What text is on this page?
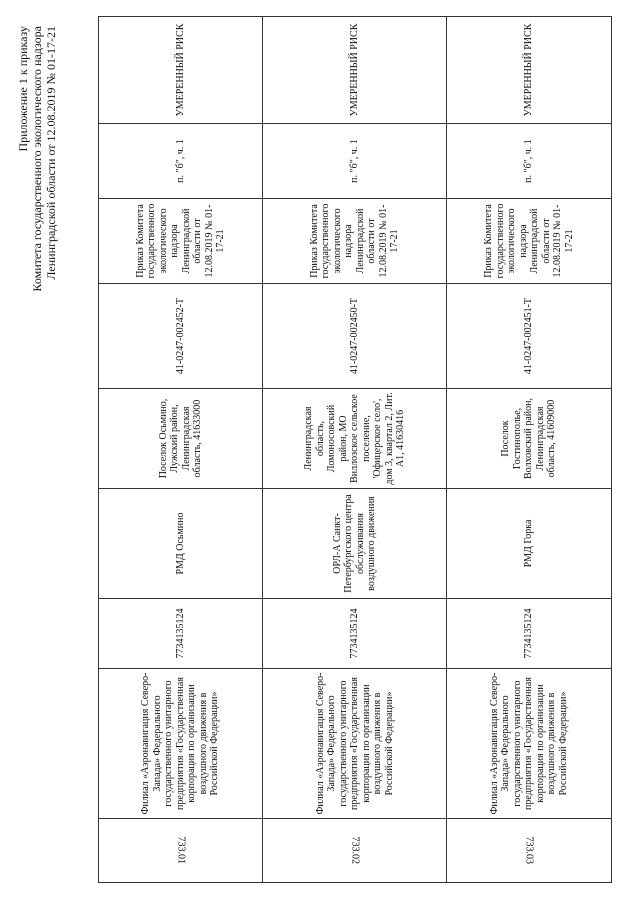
Приложение 1 к приказу Комитета государственного экологического надзора Ленинградской области от 12.08.2019 № 01-17-21
733.01	Филиал «Аэронавигация Северо-Запада» Федерального государственного унитарного предприятия «Государственная корпорация по организации воздушного движения в Российской Федерации»	7734135124	РМД Осьмино	Поселок Осьмино, Лужский район, Ленинградская область, 41633000	41-0247-002452-Т	Приказ Комитета государственного экологического надзора Ленинградской области от 12.08.2019 № 01-17-21	п. "б", ч. 1	УМЕРЕННЫЙ РИСК
733.02	Филиал «Аэронавигация Северо-Запада» Федерального государственного унитарного предприятия «Государственная корпорация по организации воздушного движения в Российской Федерации»	7734135124	ОРЛ-А Санкт-Петербургского центра обслуживания воздушного движения	Ленинградская область, Ломоносовский район, МО Виллозское сельское поселение, 'Офицерское село', дом 3, квартал 2, Лит. А1, 41630416	41-0247-002450-Т	Приказ Комитета государственного экологического надзора Ленинградской области от 12.08.2019 № 01-17-21	п. "б", ч. 1	УМЕРЕННЫЙ РИСК
733.03	Филиал «Аэронавигация Северо-Запада» Федерального государственного унитарного предприятия «Государственная корпорация по организации воздушного движения в Российской Федерации»	7734135124	РМД Горка	Поселок Гостинополье, Волховский район, Ленинградская область, 41609000	41-0247-002451-Т	Приказ Комитета государственного экологического надзора Ленинградской области от 12.08.2019 № 01-17-21	п. "б", ч. 1	УМЕРЕННЫЙ РИСК
